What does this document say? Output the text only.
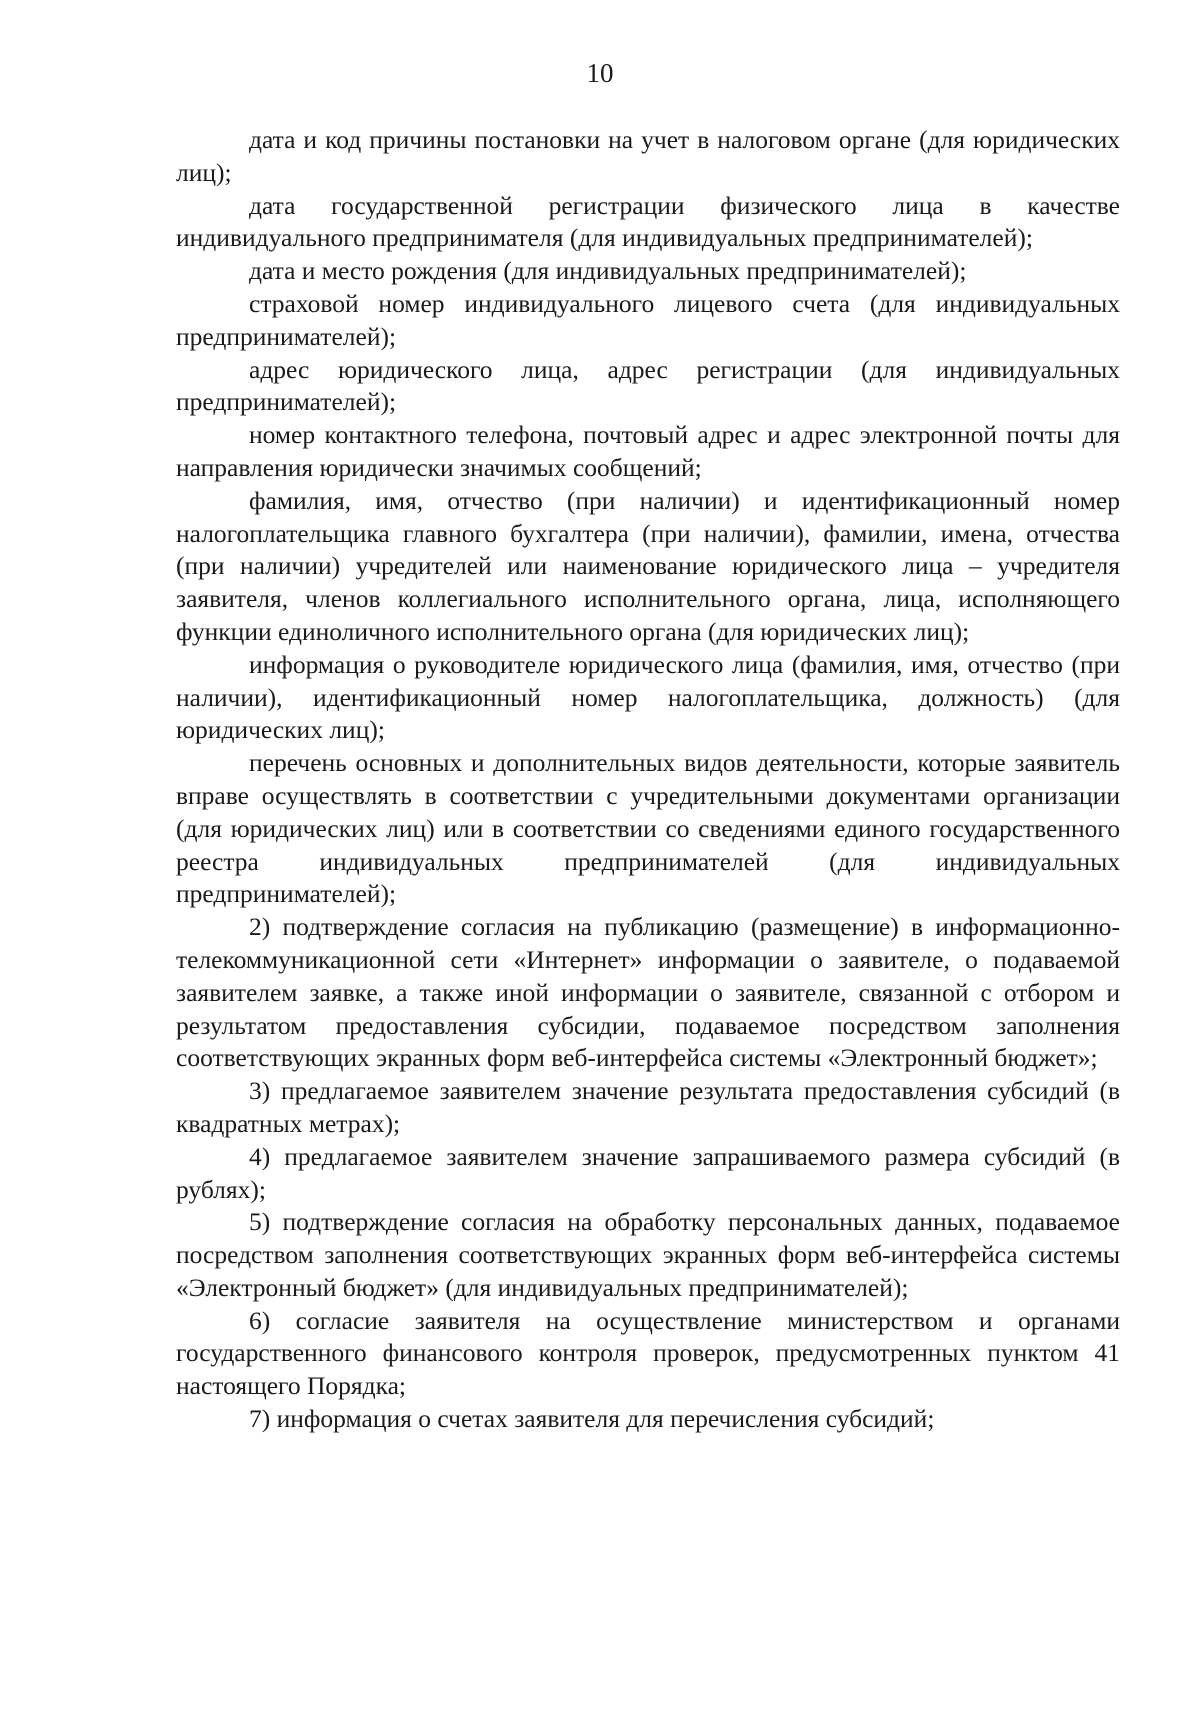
10

дата и код причины постановки на учет в налоговом органе (для юридических лиц);

дата государственной регистрации физического лица в качестве индивидуального предпринимателя (для индивидуальных предпринимателей);

дата и место рождения (для индивидуальных предпринимателей);

страховой номер индивидуального лицевого счета (для индивидуальных предпринимателей);

адрес юридического лица, адрес регистрации (для индивидуальных предпринимателей);

номер контактного телефона, почтовый адрес и адрес электронной почты для направления юридически значимых сообщений;

фамилия, имя, отчество (при наличии) и идентификационный номер налогоплательщика главного бухгалтера (при наличии), фамилии, имена, отчества (при наличии) учредителей или наименование юридического лица – учредителя заявителя, членов коллегиального исполнительного органа, лица, исполняющего функции единоличного исполнительного органа (для юридических лиц);

информация о руководителе юридического лица (фамилия, имя, отчество (при наличии), идентификационный номер налогоплательщика, должность) (для юридических лиц);

перечень основных и дополнительных видов деятельности, которые заявитель вправе осуществлять в соответствии с учредительными документами организации (для юридических лиц) или в соответствии со сведениями единого государственного реестра индивидуальных предпринимателей (для индивидуальных предпринимателей);

2) подтверждение согласия на публикацию (размещение) в информационно-телекоммуникационной сети «Интернет» информации о заявителе, о подаваемой заявителем заявке, а также иной информации о заявителе, связанной с отбором и результатом предоставления субсидии, подаваемое посредством заполнения соответствующих экранных форм веб-интерфейса системы «Электронный бюджет»;

3) предлагаемое заявителем значение результата предоставления субсидий (в квадратных метрах);

4) предлагаемое заявителем значение запрашиваемого размера субсидий (в рублях);

5) подтверждение согласия на обработку персональных данных, подаваемое посредством заполнения соответствующих экранных форм веб-интерфейса системы «Электронный бюджет» (для индивидуальных предпринимателей);

6) согласие заявителя на осуществление министерством и органами государственного финансового контроля проверок, предусмотренных пунктом 41 настоящего Порядка;

7) информация о счетах заявителя для перечисления субсидий;
